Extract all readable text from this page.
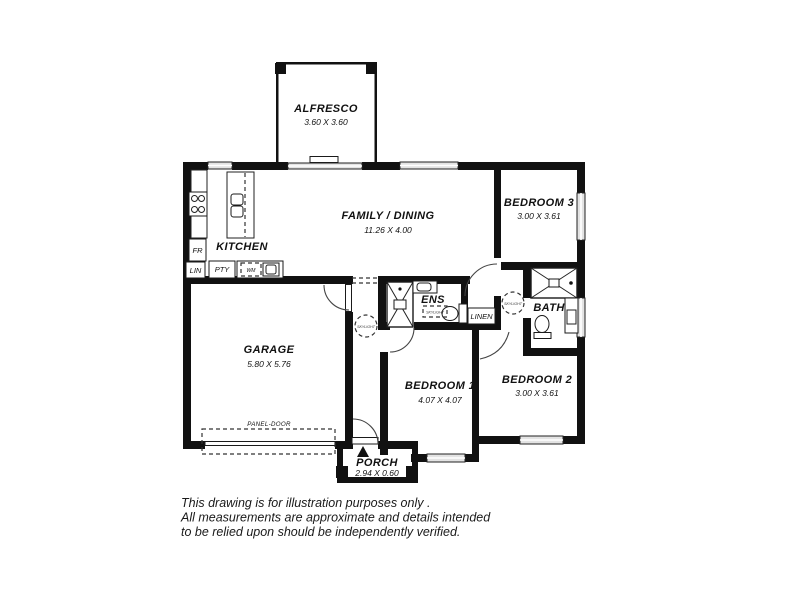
ALFRESCO
3.60 X 3.60
FAMILY / DINING
11.26 X 4.00
KITCHEN
BEDROOM 3
3.00 X 3.61
GARAGE
5.80 X 5.76
BEDROOM 1
4.07 X 4.07
BEDROOM 2
3.00 X 3.61
ENS
BATH
PORCH
2.94 X 0.60
FR
LIN PTY	WM
LINEN
PANEL-DOOR
SKYLIGHT
SKYLIGHT
SKYLIGHT
This drawing is for illustration purposes only .
All measurements are approximate and details intended
to be relied upon should be independently verified.
